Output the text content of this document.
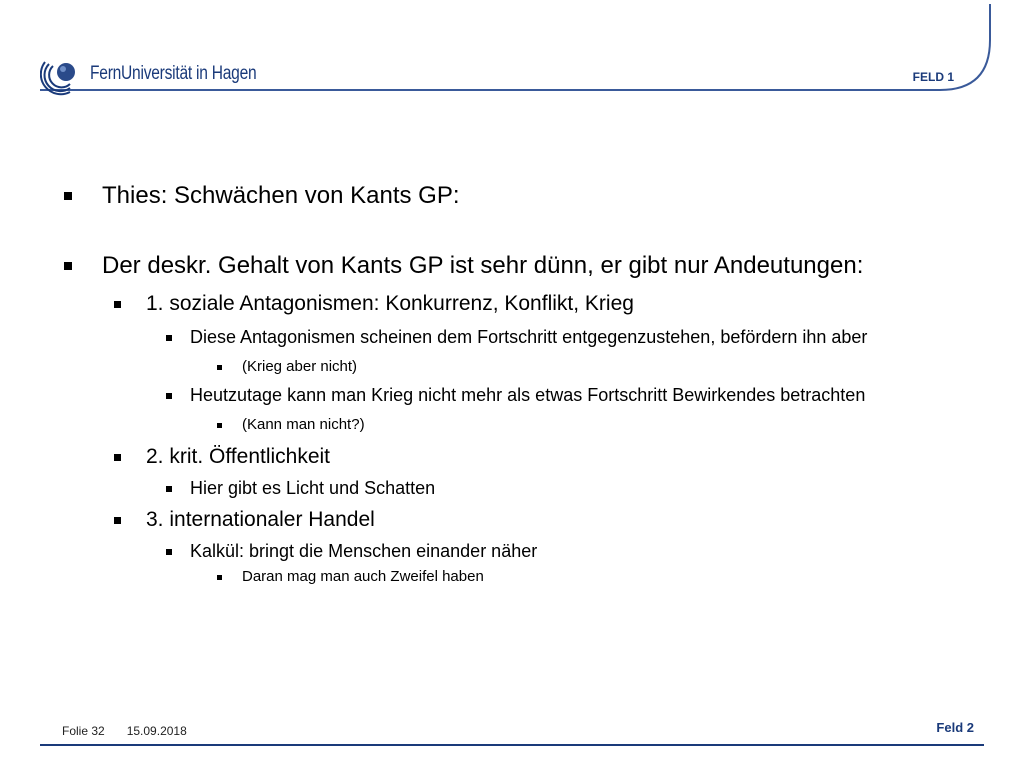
FernUniversität in Hagen	FELD 1
Thies: Schwächen von Kants GP:
Der deskr. Gehalt von Kants GP ist sehr dünn, er gibt nur Andeutungen:
1. soziale Antagonismen: Konkurrenz, Konflikt, Krieg
Diese Antagonismen scheinen dem Fortschritt entgegenzustehen, befördern ihn aber
(Krieg aber nicht)
Heutzutage kann man Krieg nicht mehr als etwas Fortschritt Bewirkendes betrachten
(Kann man nicht?)
2. krit. Öffentlichkeit
Hier gibt es Licht und Schatten
3. internationaler Handel
Kalkül: bringt die Menschen einander näher
Daran mag man auch Zweifel haben
Folie 32 15.09.2018	Feld 2
